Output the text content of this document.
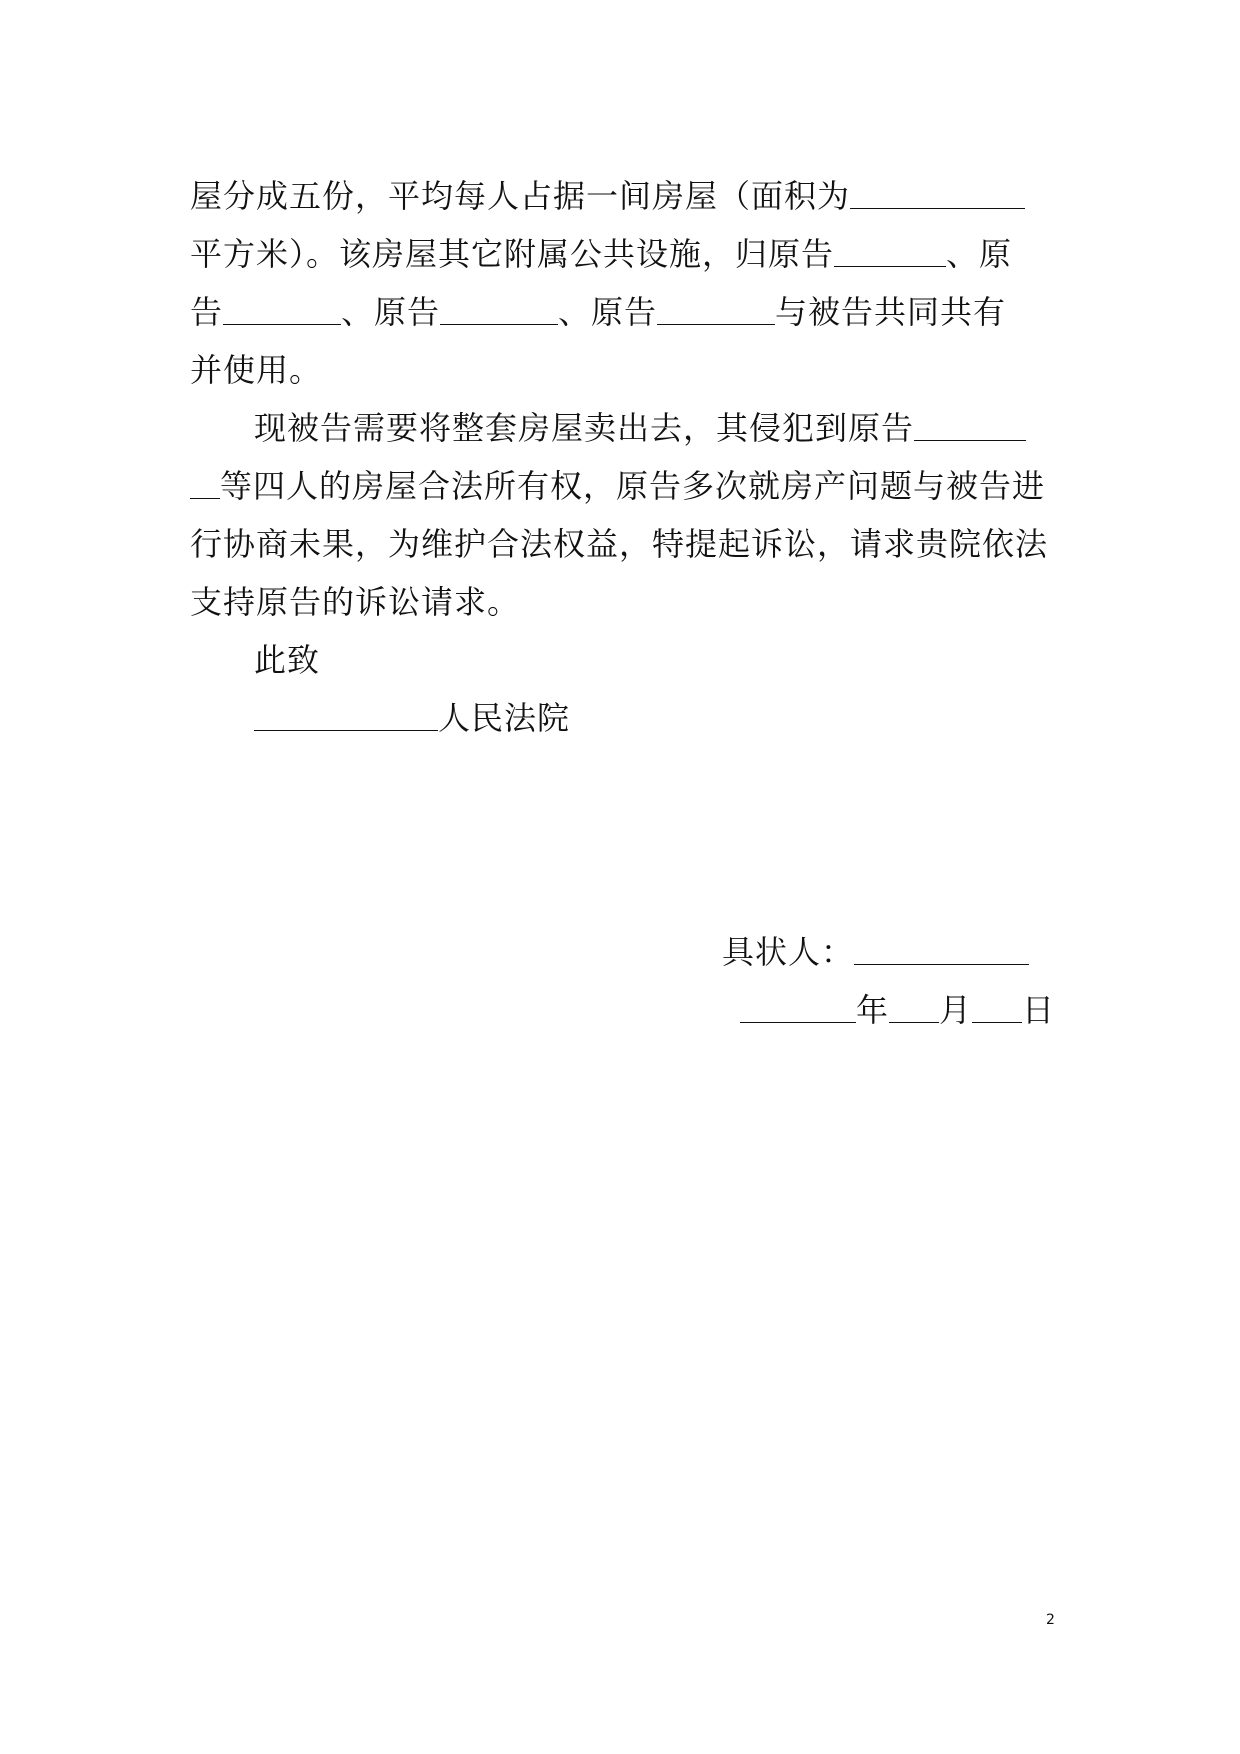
屋分成五份，平均每人占据一间房屋（面积为
平方米）。该房屋其它附属公共设施，归原告	、原
告	、原告	、原告	与被告共同共有
并使用。
现被告需要将整套房屋卖出去，其侵犯到原告
等四人的房屋合法所有权，原告多次就房产问题与被告进
行协商未果，为维护合法权益，特提起诉讼，请求贵院依法
支持原告的诉讼请求。
此致
人民法院
具状人：
年 月 日
2
